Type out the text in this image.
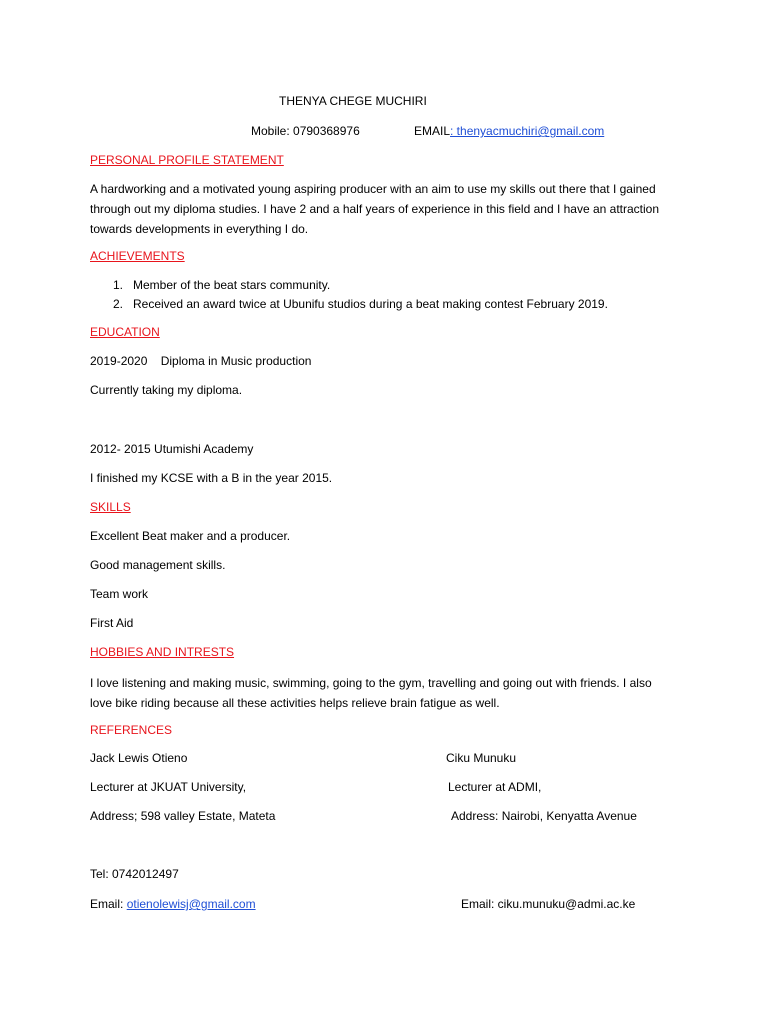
THENYA CHEGE MUCHIRI
Mobile: 0790368976	EMAIL: thenyacmuchiri@gmail.com
PERSONAL PROFILE STATEMENT
A hardworking and a motivated young aspiring producer with an aim to use my skills out there that I gained through out my diploma studies. I have 2 and a half years of experience in this field and I have an attraction towards developments in everything I do.
ACHIEVEMENTS
1. Member of the beat stars community.
2. Received an award twice at Ubunifu studios during a beat making contest February 2019.
EDUCATION
2019-2020    Diploma in Music production
Currently taking my diploma.
2012- 2015 Utumishi Academy
I finished my KCSE with a B in the year 2015.
SKILLS
Excellent Beat maker and a producer.
Good management skills.
Team work
First Aid
HOBBIES AND INTRESTS
I love listening and making music, swimming, going to the gym, travelling and going out with friends. I also love bike riding because all these activities helps relieve brain fatigue as well.
REFERENCES
Jack Lewis Otieno	Ciku Munuku
Lecturer at JKUAT University,	Lecturer at ADMI,
Address; 598 valley Estate, Mateta	Address: Nairobi, Kenyatta Avenue
Tel: 0742012497
Email: otienolewisj@gmail.com	Email: ciku.munuku@admi.ac.ke
